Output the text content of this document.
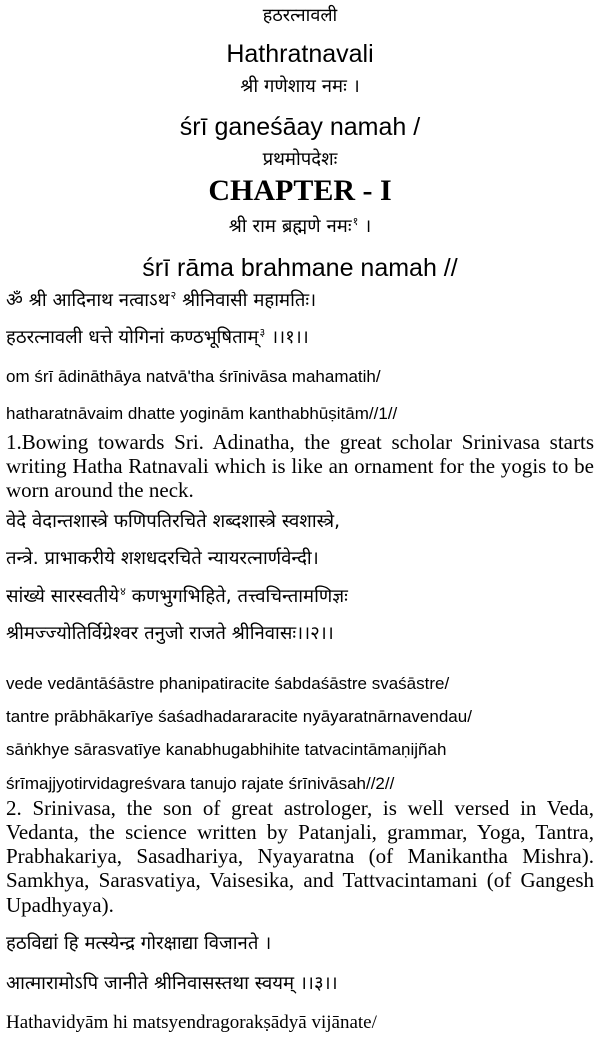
हठरत्नावली
Hathratnavali
श्री गणेशाय नमः ।
śrī ganeśāay namah /
प्रथमोपदेशः
CHAPTER - I
श्री राम ब्रह्मणे नमः$^१$ ।
śrī rāma brahmane namah //
ॐ श्री आदिनाथ नत्वाऽथ$^२$ श्रीनिवासी महामतिः।
हठरत्नावली धत्ते योगिनां कण्ठभूषिताम्$^३$ ।।१।।
om śrī ādināthāya natvā'tha śrīnivāsa mahamatih/
hatharatnāvaim dhatte yoginām kanthabhūṣitām//1//
1.Bowing towards Sri. Adinatha, the great scholar Srinivasa starts writing Hatha Ratnavali which is like an ornament for the yogis to be worn around the neck.
वेदे वेदान्तशास्त्रे फणिपतिरचिते शब्दशास्त्रे स्वशास्त्रे,
तन्त्रे. प्राभाकरीये शशधदरचिते न्यायरत्नार्णवेन्दी।
सांख्ये सारस्वतीये$^४$ कणभुगभिहिते, तत्त्वचिन्तामणिज्ञः
श्रीमज्ज्योतिर्विग्रेश्वर तनुजो राजते श्रीनिवासः।।२।।
vede vedāntāśāstre phanipatiracite śabdaśāstre svaśāstre/
tantre prābhākarīye śaśadhadararacite nyāyaratnārnavendau/
sāṅkhye sārasvatīye kanabhugabhihite tatvacintāmaṇijñah
śrīmajjyotirvidagreśvara tanujo rajate śrīnivāsah//2//
2. Srinivasa, the son of great astrologer, is well versed in Veda, Vedanta, the science written by Patanjali, grammar, Yoga, Tantra, Prabhakariya, Sasadhariya, Nyayaratna (of Manikantha Mishra). Samkhya, Sarasvatiya, Vaisesika, and Tattvacintamani (of Gangesh Upadhyaya).
हठविद्यां हि मत्स्येन्द्र गोरक्षाद्या विजानते ।
आत्मारामोऽपि जानीते श्रीनिवासस्तथा स्वयम् ।।३।।
Hathavidyām hi matsyendragorakṣādyā vijānate/
